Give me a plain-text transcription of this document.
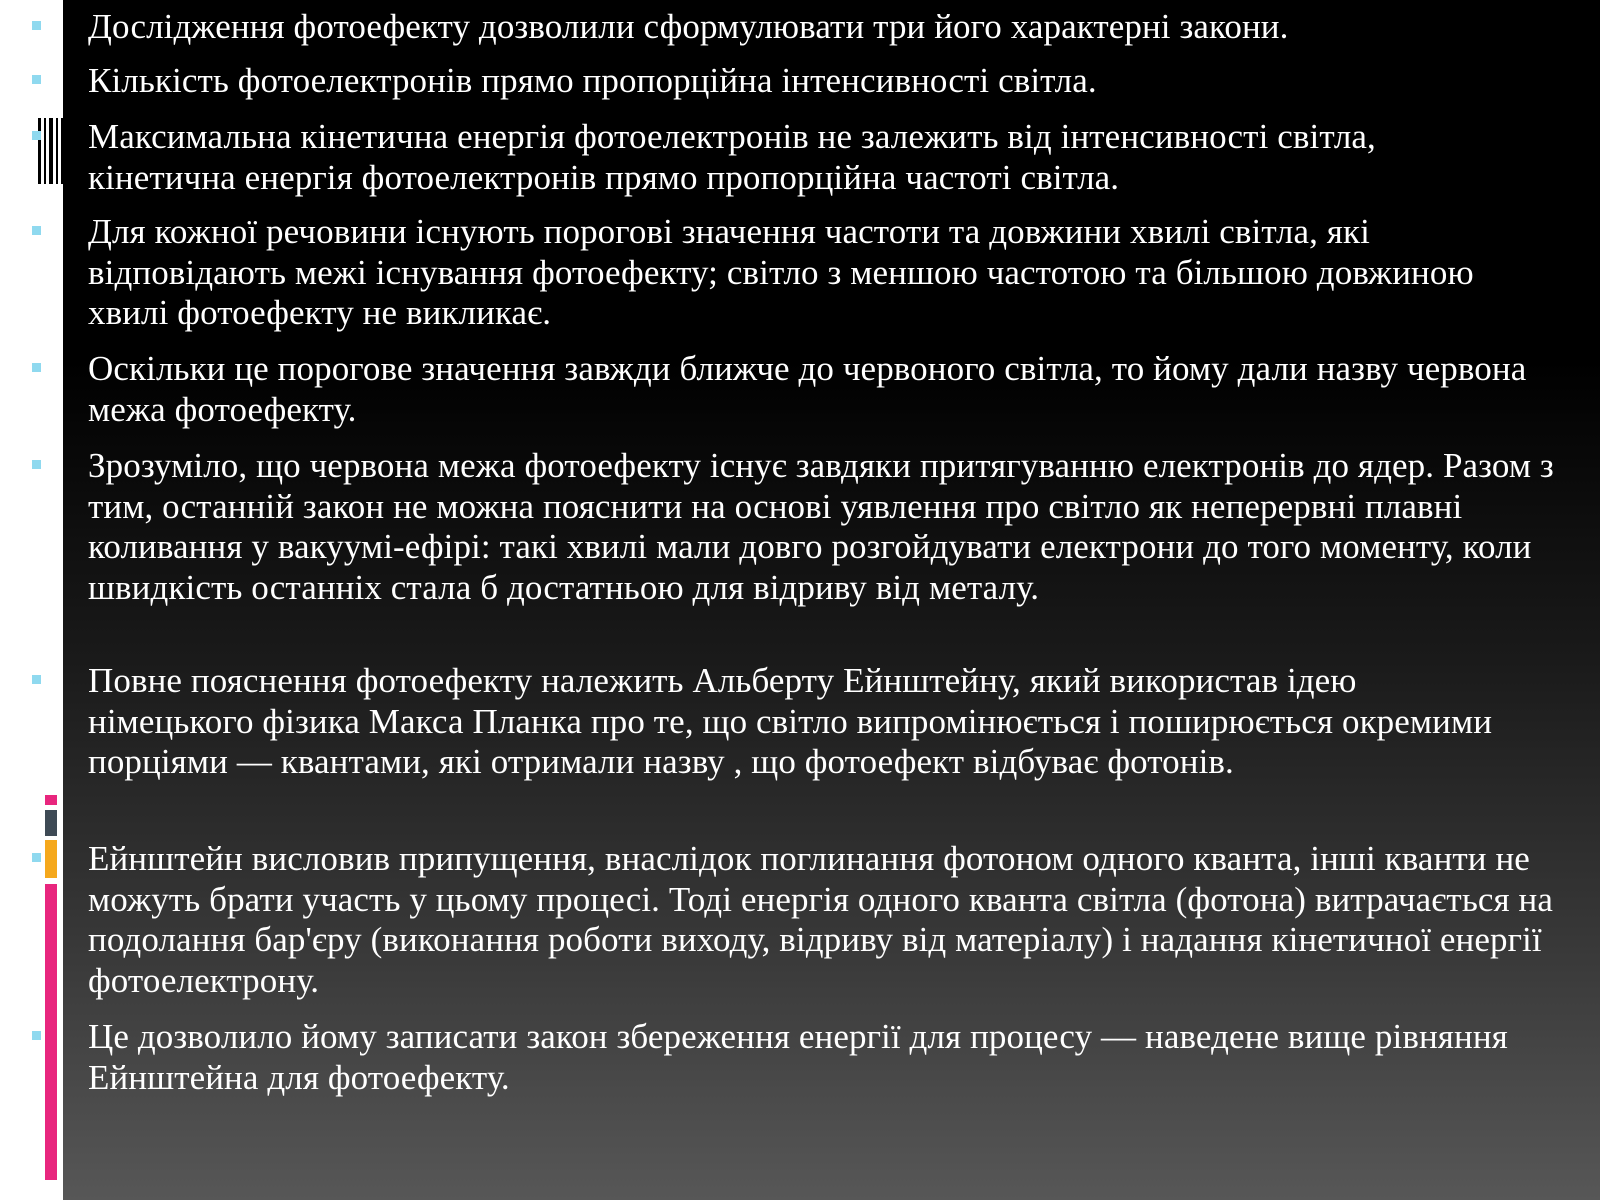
Дослідження фотоефекту дозволили сформулювати три його характерні закони.
Кількість фотоелектронів прямо пропорційна інтенсивності світла.
Максимальна кінетична енергія фотоелектронів не залежить від інтенсивності світла, кінетична енергія фотоелектронів прямо пропорційна частоті світла.
Для кожної речовини існують порогові значення частоти та довжини хвилі світла, які відповідають межі існування фотоефекту; світло з меншою частотою та більшою довжиною хвилі фотоефекту не викликає.
Оскільки це порогове значення завжди ближче до червоного світла, то йому дали назву червона межа фотоефекту.
Зрозуміло, що червона межа фотоефекту існує завдяки притягуванню електронів до ядер. Разом з тим, останній закон не можна пояснити на основі уявлення про світло як неперервні плавні коливання у вакуумі-ефірі: такі хвилі мали довго розгойдувати електрони до того моменту, коли швидкість останніх стала б достатньою для відриву від металу.
Повне пояснення фотоефекту належить Альберту Ейнштейну, який використав ідею німецького фізика Макса Планка про те, що світло випромінюється і поширюється окремими порціями — квантами, які отримали назву , що фотоефект відбуває фотонів.
Ейнштейн висловив припущення, внаслідок поглинання фотоном одного кванта, інші кванти не можуть брати участь у цьому процесі. Тоді енергія одного кванта світла (фотона) витрачається на подолання бар'єру (виконання роботи виходу, відриву від матеріалу) і надання кінетичної енергії фотоелектрону.
Це дозволило йому записати закон збереження енергії для процесу — наведене вище рівняння Ейнштейна для фотоефекту.
